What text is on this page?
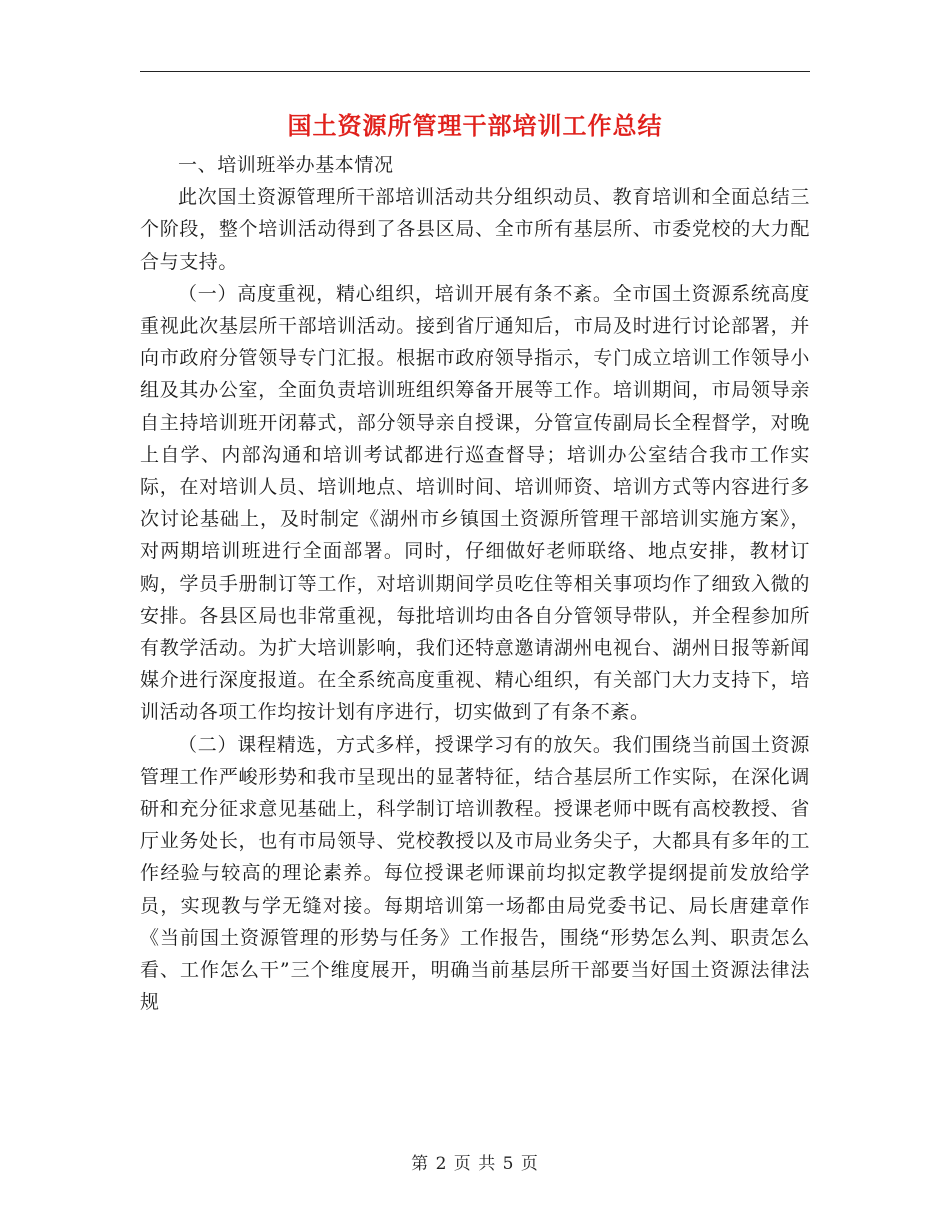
国土资源所管理干部培训工作总结

一、培训班举办基本情况

此次国土资源管理所干部培训活动共分组织动员、教育培训和全面总结三个阶段，整个培训活动得到了各县区局、全市所有基层所、市委党校的大力配合与支持。

（一）高度重视，精心组织，培训开展有条不紊。全市国土资源系统高度重视此次基层所干部培训活动。接到省厅通知后，市局及时进行讨论部署，并向市政府分管领导专门汇报。根据市政府领导指示，专门成立培训工作领导小组及其办公室，全面负责培训班组织筹备开展等工作。培训期间，市局领导亲自主持培训班开闭幕式，部分领导亲自授课，分管宣传副局长全程督学，对晚上自学、内部沟通和培训考试都进行巡查督导；培训办公室结合我市工作实际，在对培训人员、培训地点、培训时间、培训师资、培训方式等内容进行多次讨论基础上，及时制定《湖州市乡镇国土资源所管理干部培训实施方案》，对两期培训班进行全面部署。同时，仔细做好老师联络、地点安排，教材订购，学员手册制订等工作，对培训期间学员吃住等相关事项均作了细致入微的安排。各县区局也非常重视，每批培训均由各自分管领导带队，并全程参加所有教学活动。为扩大培训影响，我们还特意邀请湖州电视台、湖州日报等新闻媒介进行深度报道。在全系统高度重视、精心组织，有关部门大力支持下，培训活动各项工作均按计划有序进行，切实做到了有条不紊。

（二）课程精选，方式多样，授课学习有的放矢。我们围绕当前国土资源管理工作严峻形势和我市呈现出的显著特征，结合基层所工作实际，在深化调研和充分征求意见基础上，科学制订培训教程。授课老师中既有高校教授、省厅业务处长，也有市局领导、党校教授以及市局业务尖子，大都具有多年的工作经验与较高的理论素养。每位授课老师课前均拟定教学提纲提前发放给学员，实现教与学无缝对接。每期培训第一场都由局党委书记、局长唐建章作《当前国土资源管理的形势与任务》工作报告，围绕“形势怎么判、职责怎么看、工作怎么干”三个维度展开，明确当前基层所干部要当好国土资源法律法规

第 2 页 共 5 页
